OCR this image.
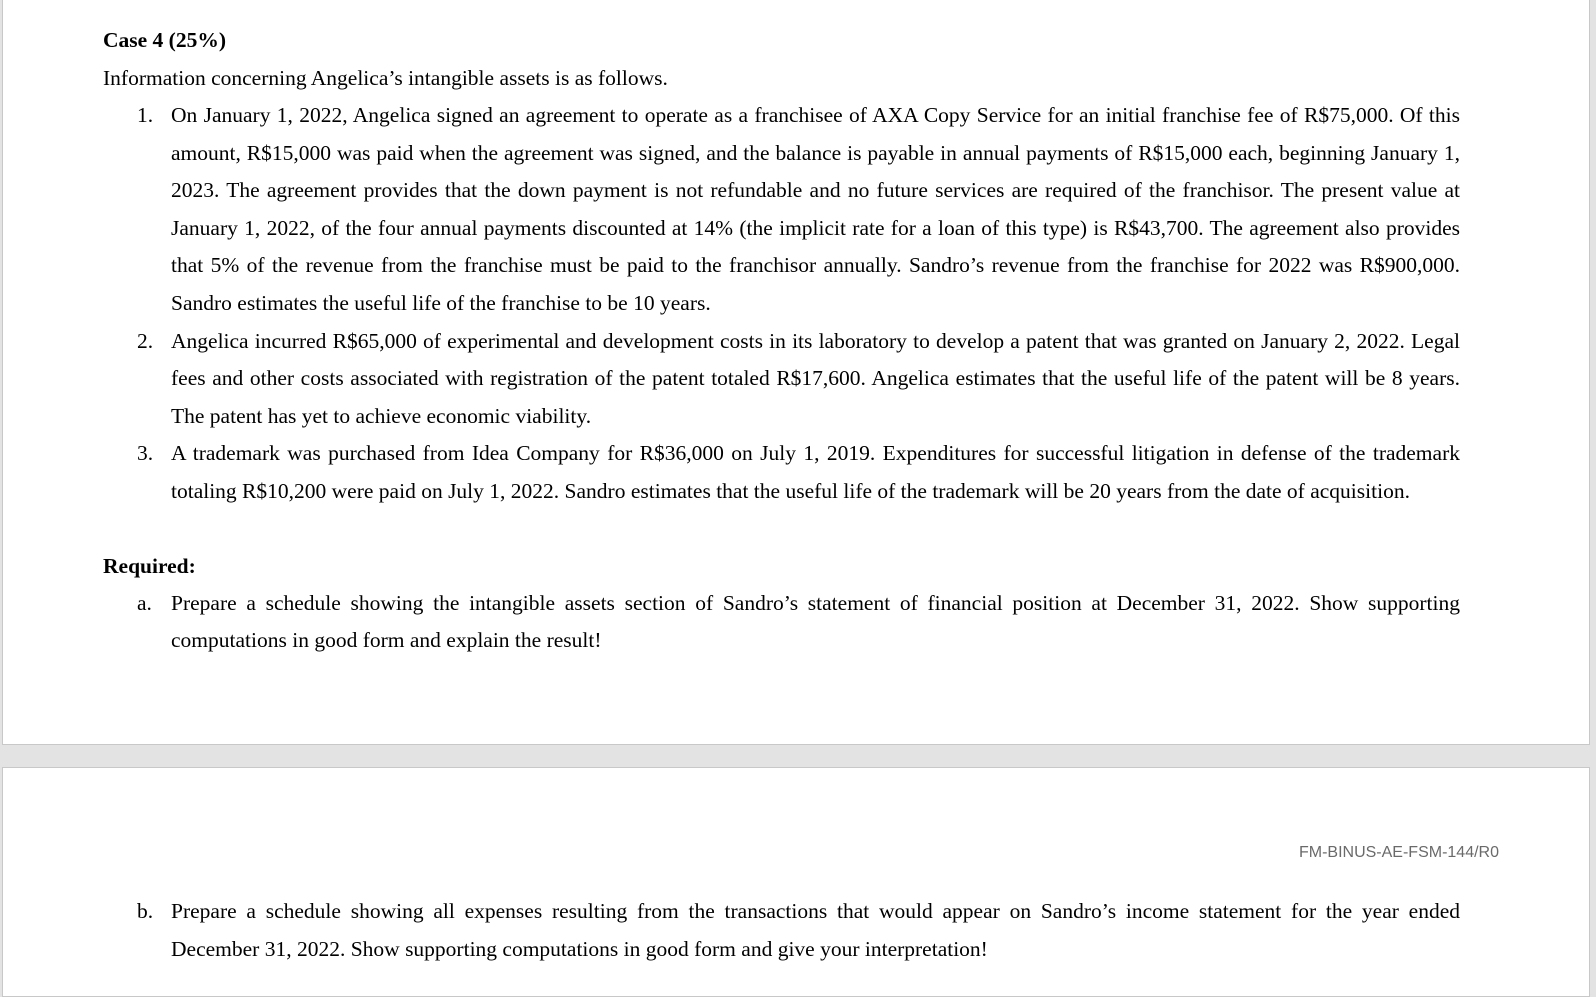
Case 4 (25%)

Information concerning Angelica’s intangible assets is as follows.

1. On January 1, 2022, Angelica signed an agreement to operate as a franchisee of AXA Copy Service for an initial franchise fee of R$75,000. Of this amount, R$15,000 was paid when the agreement was signed, and the balance is payable in annual payments of R$15,000 each, beginning January 1, 2023. The agreement provides that the down payment is not refundable and no future services are required of the franchisor. The present value at January 1, 2022, of the four annual payments discounted at 14% (the implicit rate for a loan of this type) is R$43,700. The agreement also provides that 5% of the revenue from the franchise must be paid to the franchisor annually. Sandro’s revenue from the franchise for 2022 was R$900,000. Sandro estimates the useful life of the franchise to be 10 years.
2. Angelica incurred R$65,000 of experimental and development costs in its laboratory to develop a patent that was granted on January 2, 2022. Legal fees and other costs associated with registration of the patent totaled R$17,600. Angelica estimates that the useful life of the patent will be 8 years. The patent has yet to achieve economic viability.
3. A trademark was purchased from Idea Company for R$36,000 on July 1, 2019. Expenditures for successful litigation in defense of the trademark totaling R$10,200 were paid on July 1, 2022. Sandro estimates that the useful life of the trademark will be 20 years from the date of acquisition.
Required:
a. Prepare a schedule showing the intangible assets section of Sandro’s statement of financial position at December 31, 2022. Show supporting computations in good form and explain the result!
FM-BINUS-AE-FSM-144/R0
b. Prepare a schedule showing all expenses resulting from the transactions that would appear on Sandro’s income statement for the year ended December 31, 2022. Show supporting computations in good form and give your interpretation!
